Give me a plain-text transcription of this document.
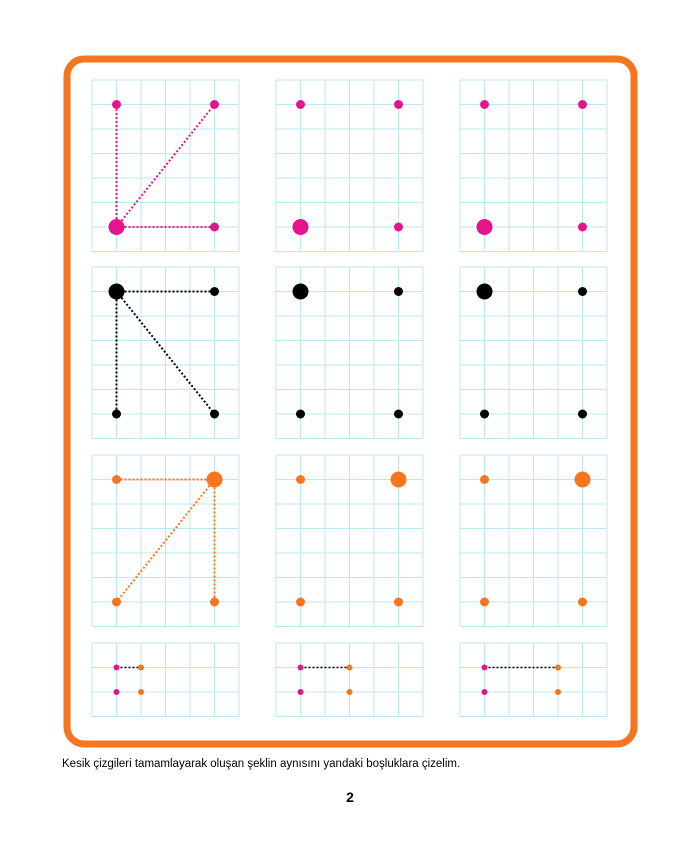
Kesik çizgileri tamamlayarak oluşan şeklin aynısını yandaki boşluklara çizelim.
2
